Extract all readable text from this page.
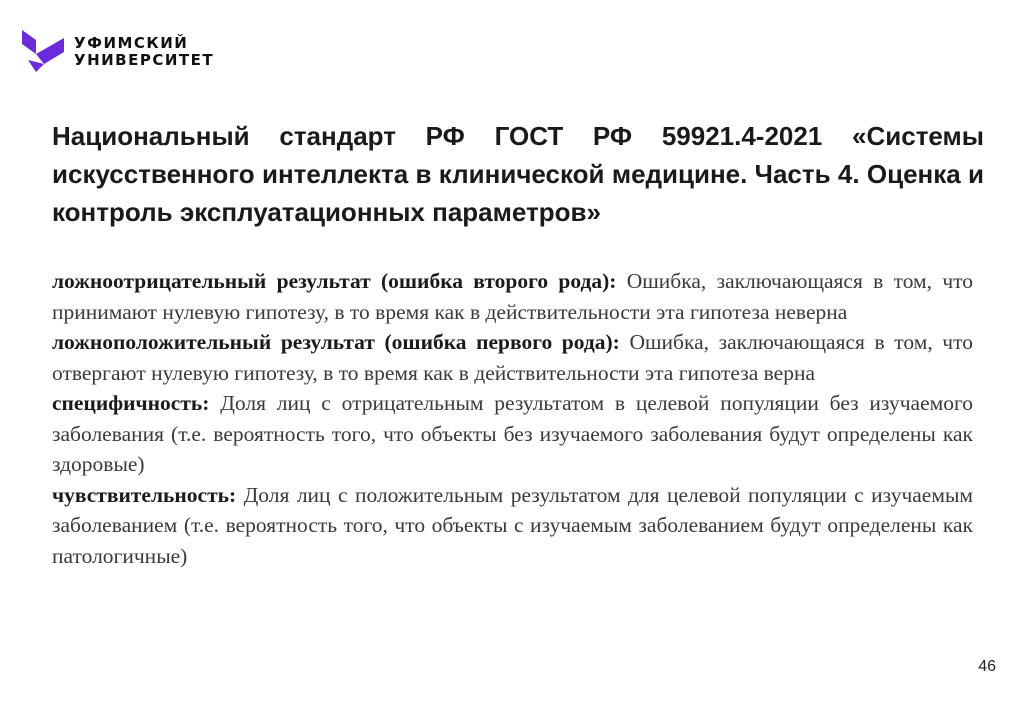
УФИМСКИЙ
УНИВЕРСИТЕТ
Национальный стандарт РФ ГОСТ РФ 59921.4-2021 «Системы искусственного интеллекта в клинической медицине. Часть 4. Оценка и контроль эксплуатационных параметров»

ложноотрицательный результат (ошибка второго рода): Ошибка, заключающаяся в том, что принимают нулевую гипотезу, в то время как в действительности эта гипотеза неверна

ложноположительный результат (ошибка первого рода): Ошибка, заключающаяся в том, что отвергают нулевую гипотезу, в то время как в действительности эта гипотеза верна

специфичность: Доля лиц с отрицательным результатом в целевой популяции без изучаемого заболевания (т.е. вероятность того, что объекты без изучаемого заболевания будут определены как здоровые)

чувствительность: Доля лиц с положительным результатом для целевой популяции с изучаемым заболеванием (т.е. вероятность того, что объекты с изучаемым заболеванием будут определены как патологичные)

46
